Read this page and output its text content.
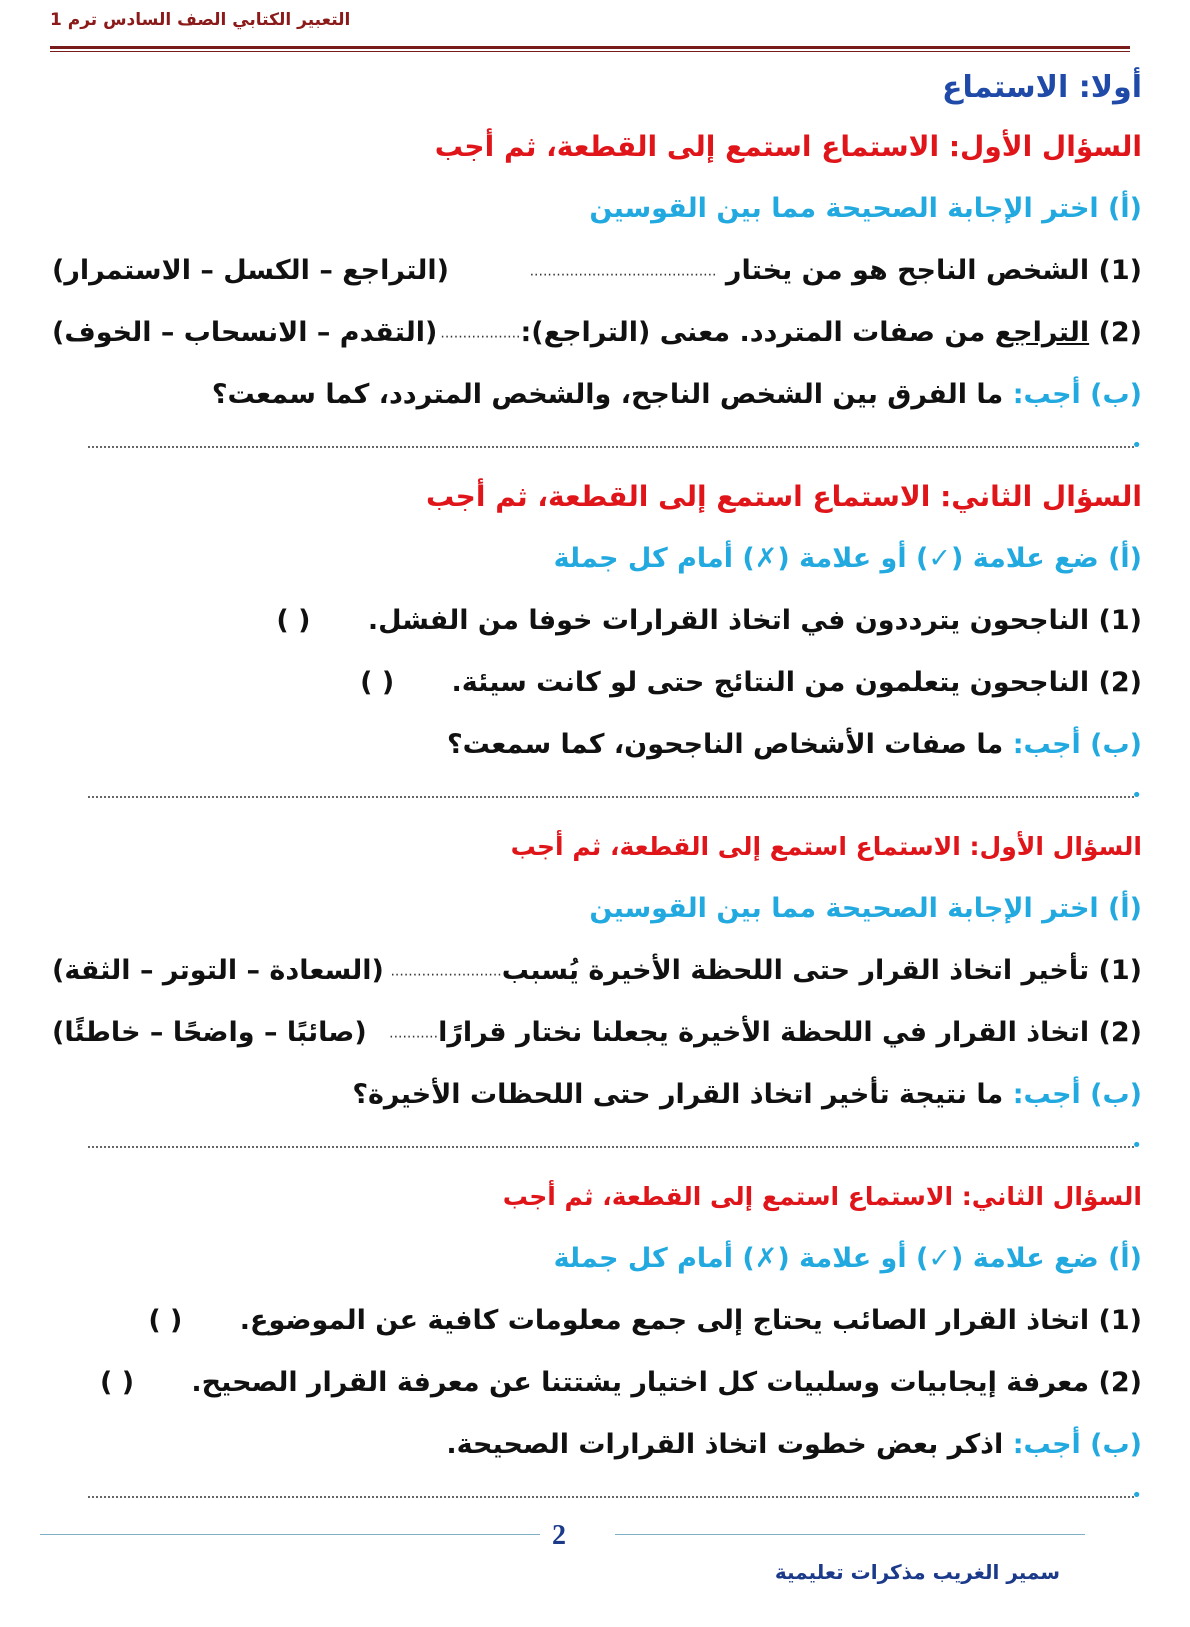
التعبير الكتابي الصف السادس ترم 1
أولا: الاستماع
السؤال الأول: الاستماع استمع إلى القطعة، ثم أجب
(أ) اختر الإجابة الصحيحة مما بين القوسين
(1) الشخص الناجح هو من يختار ..........................................
(التراجع – الكسل – الاستمرار)
(2) التراجع من صفات المتردد. معنى (التراجع):..................
(التقدم – الانسحاب – الخوف)
(ب) أجب: ما الفرق بين الشخص الناجح، والشخص المتردد، كما سمعت؟
•
السؤال الثاني: الاستماع استمع إلى القطعة، ثم أجب
(أ) ضع علامة (✓) أو علامة (✗) أمام كل جملة
(1) الناجحون يترددون في اتخاذ القرارات خوفا من الفشل. ( )
(2) الناجحون يتعلمون من النتائج حتى لو كانت سيئة. ( )
(ب) أجب: ما صفات الأشخاص الناجحون، كما سمعت؟
•
السؤال الأول: الاستماع استمع إلى القطعة، ثم أجب
(أ) اختر الإجابة الصحيحة مما بين القوسين
(1) تأخير اتخاذ القرار حتى اللحظة الأخيرة يُسبب.........................
(السعادة – التوتر – الثقة)
(2) اتخاذ القرار في اللحظة الأخيرة يجعلنا نختار قرارًا...........
(صائبًا – واضحًا – خاطئًا)
(ب) أجب: ما نتيجة تأخير اتخاذ القرار حتى اللحظات الأخيرة؟
•
السؤال الثاني: الاستماع استمع إلى القطعة، ثم أجب
(أ) ضع علامة (✓) أو علامة (✗) أمام كل جملة
(1) اتخاذ القرار الصائب يحتاج إلى جمع معلومات كافية عن الموضوع. ( )
(2) معرفة إيجابيات وسلبيات كل اختيار يشتتنا عن معرفة القرار الصحيح. ( )
(ب) أجب: اذكر بعض خطوت اتخاذ القرارات الصحيحة.
•
2
سمير الغريب مذكرات تعليمية
